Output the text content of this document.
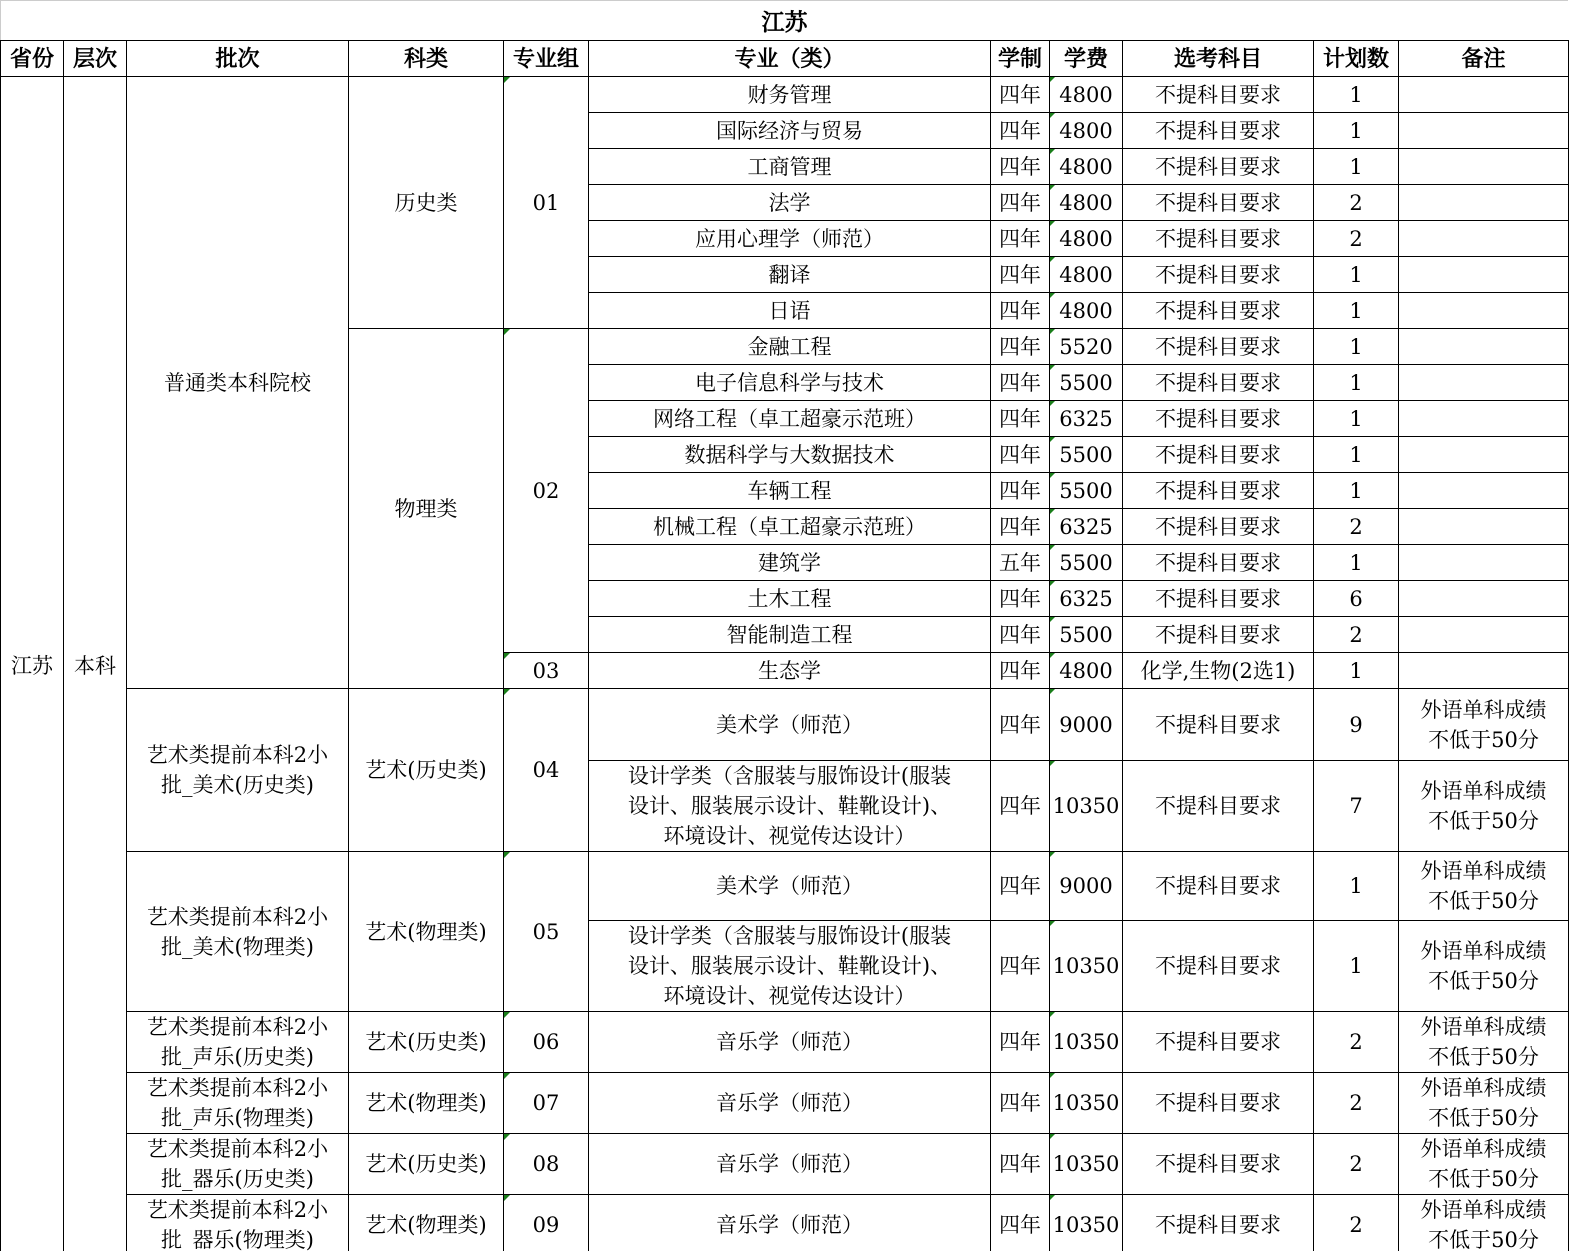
江苏
省份	层次	批次	科类	专业组	专业（类）	学制	学费	选考科目	计划数	备注
江苏	本科	普通类本科院校	历史类	01	财务管理	四年	4800	不提科目要求	1	
					国际经济与贸易	四年	4800	不提科目要求	1	
					工商管理	四年	4800	不提科目要求	1	
					法学	四年	4800	不提科目要求	2	
					应用心理学（师范）	四年	4800	不提科目要求	2	
					翻译	四年	4800	不提科目要求	1	
					日语	四年	4800	不提科目要求	1	
			物理类	02	金融工程	四年	5520	不提科目要求	1	
					电子信息科学与技术	四年	5500	不提科目要求	1	
					网络工程（卓工超豪示范班）	四年	6325	不提科目要求	1	
					数据科学与大数据技术	四年	5500	不提科目要求	1	
					车辆工程	四年	5500	不提科目要求	1	
					机械工程（卓工超豪示范班）	四年	6325	不提科目要求	2	
					建筑学	五年	5500	不提科目要求	1	
					土木工程	四年	6325	不提科目要求	6	
					智能制造工程	四年	5500	不提科目要求	2	
				03	生态学	四年	4800	化学,生物(2选1)	1	
		艺术类提前本科2小
批_美术(历史类)	艺术(历史类)	04	美术学（师范）	四年	9000	不提科目要求	9	外语单科成绩
不低于50分
					设计学类（含服装与服饰设计(服装
设计、服装展示设计、鞋靴设计)、
环境设计、视觉传达设计）	四年	10350	不提科目要求	7	外语单科成绩
不低于50分
		艺术类提前本科2小
批_美术(物理类)	艺术(物理类)	05	美术学（师范）	四年	9000	不提科目要求	1	外语单科成绩
不低于50分
					设计学类（含服装与服饰设计(服装
设计、服装展示设计、鞋靴设计)、
环境设计、视觉传达设计）	四年	10350	不提科目要求	1	外语单科成绩
不低于50分
		艺术类提前本科2小
批_声乐(历史类)	艺术(历史类)	06	音乐学（师范）	四年	10350	不提科目要求	2	外语单科成绩
不低于50分
		艺术类提前本科2小
批_声乐(物理类)	艺术(物理类)	07	音乐学（师范）	四年	10350	不提科目要求	2	外语单科成绩
不低于50分
		艺术类提前本科2小
批_器乐(历史类)	艺术(历史类)	08	音乐学（师范）	四年	10350	不提科目要求	2	外语单科成绩
不低于50分
		艺术类提前本科2小
批_器乐(物理类)	艺术(物理类)	09	音乐学（师范）	四年	10350	不提科目要求	2	外语单科成绩
不低于50分
